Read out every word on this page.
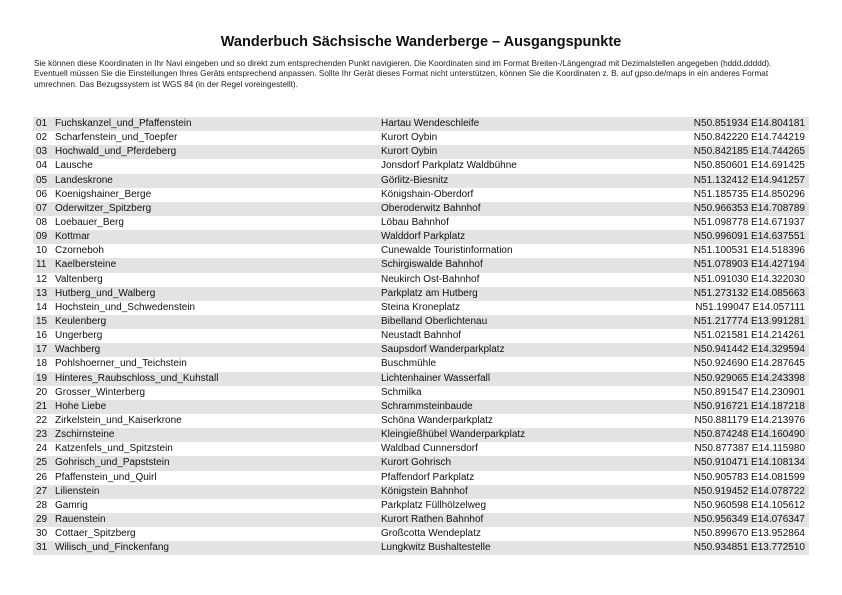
Wanderbuch Sächsische Wanderberge – Ausgangspunkte

Sie können diese Koordinaten in Ihr Navi eingeben und so direkt zum entsprechenden Punkt navigieren. Die Koordinaten sind im Format Breiten-/Längengrad mit Dezimalstellen angegeben (hddd.ddddd).

Eventuell müssen Sie die Einstellungen Ihres Geräts entsprechend anpassen. Sollte Ihr Gerät dieses Format nicht unterstützen, können Sie die Koordinaten z. B. auf gpso.de/maps in ein anderes Format umrechnen. Das Bezugssystem ist WGS 84 (in der Regel voreingestellt).

01 Fuchskanzel_und_Pfaffenstein	Hartau Wendeschleife	N50.851934 E14.804181
02 Scharfenstein_und_Toepfer	Kurort Oybin	N50.842220 E14.744219
03 Hochwald_und_Pferdeberg	Kurort Oybin	N50.842185 E14.744265
04 Lausche	Jonsdorf Parkplatz Waldbühne	N50.850601 E14.691425
05 Landeskrone	Görlitz-Biesnitz	N51.132412 E14.941257
06 Koenigshainer_Berge	Königshain-Oberdorf	N51.185735 E14.850296
07 Oderwitzer_Spitzberg	Oberoderwitz Bahnhof	N50.966353 E14.708789
08 Loebauer_Berg	Löbau Bahnhof	N51.098778 E14.671937
09 Kottmar	Walddorf Parkplatz	N50.996091 E14.637551
10 Czorneboh	Cunewalde Touristinformation	N51.100531 E14.518396
11 Kaelbersteine	Schirgiswalde Bahnhof	N51.078903 E14.427194
12 Valtenberg	Neukirch Ost-Bahnhof	N51.091030 E14.322030
13 Hutberg_und_Walberg	Parkplatz am Hutberg	N51.273132 E14.085663
14 Hochstein_und_Schwedenstein	Steina Kroneplatz	N51.199047 E14.057111
15 Keulenberg	Bibelland Oberlichtenau	N51.217774 E13.991281
16 Ungerberg	Neustadt Bahnhof	N51.021581 E14.214261
17 Wachberg	Saupsdorf Wanderparkplatz	N50.941442 E14.329594
18 Pohlshoerner_und_Teichstein	Buschmühle	N50.924690 E14.287645
19 Hinteres_Raubschloss_und_Kuhstall	Lichtenhainer Wasserfall	N50.929065 E14.243398
20 Grosser_Winterberg	Schmilka	N50.891547 E14.230901
21 Hohe Liebe	Schrammsteinbaude	N50.916721 E14.187218
22 Zirkelstein_und_Kaiserkrone	Schöna Wanderparkplatz	N50.881179 E14.213976
23 Zschirnsteine	Kleingießhübel Wanderparkplatz	N50.874248 E14.160490
24 Katzenfels_und_Spitzstein	Waldbad Cunnersdorf	N50.877387 E14.115980
25 Gohrisch_und_Papststein	Kurort Gohrisch	N50.910471 E14.108134
26 Pfaffenstein_und_Quirl	Pfaffendorf Parkplatz	N50.905783 E14.081599
27 Lilienstein	Königstein Bahnhof	N50.919452 E14.078722
28 Gamrig	Parkplatz Füllhölzelweg	N50.960598 E14.105612
29 Rauenstein	Kurort Rathen Bahnhof	N50.956349 E14.076347
30 Cottaer_Spitzberg	Großcotta Wendeplatz	N50.899670 E13.952864
31 Wilisch_und_Finckenfang	Lungkwitz Bushaltestelle	N50.934851 E13.772510
